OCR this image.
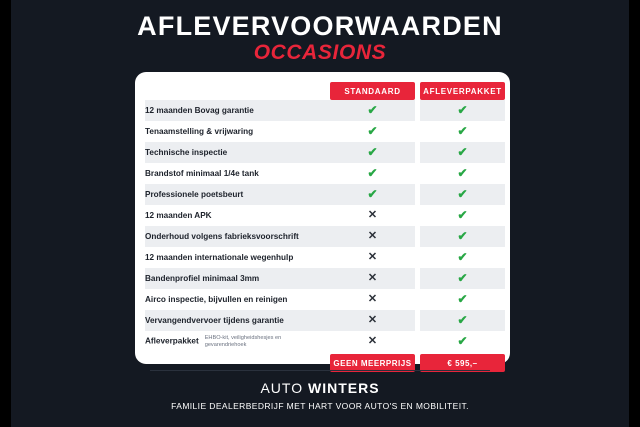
AFLEVERVOORWAARDEN
OCCASIONS

	STANDAARD		AFLEVERPAKKET

12 maanden Bovag garantie	✔		✔
Tenaamstelling & vrijwaring	✔		✔
Technische inspectie	✔		✔
Brandstof minimaal 1/4e tank	✔		✔
Professionele poetsbeurt	✔		✔
12 maanden APK	✕		✔
Onderhoud volgens fabrieksvoorschrift	✕		✔
12 maanden internationale wegenhulp	✕		✔
Bandenprofiel minimaal 3mm	✕		✔
Airco inspectie, bijvullen en reinigen	✕		✔
Vervangendvervoer tijdens garantie	✕		✔
Afleverpakket EHBO-kit, veiligheidshesjes en gevarendriehoek	✕		✔

	GEEN MEERPRIJS		€ 595,–
AUTO WINTERS
FAMILIE DEALERBEDRIJF MET HART VOOR AUTO'S EN MOBILITEIT.
